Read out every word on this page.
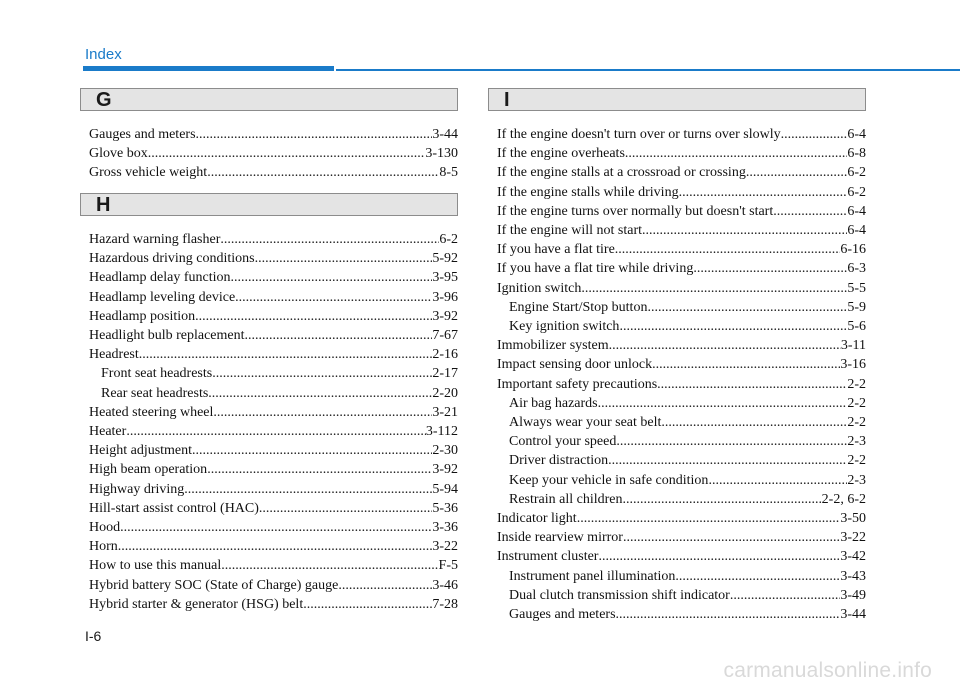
Index
G
Gauges and meters .....	3-44
Glove box .....	3-130
Gross vehicle weight .....	8-5
H
Hazard warning flasher .....	6-2
Hazardous driving conditions .....	5-92
Headlamp delay function .....	3-95
Headlamp leveling device .....	3-96
Headlamp position .....	3-92
Headlight bulb replacement .....	7-67
Headrest .....	2-16
Front seat headrests .....	2-17
Rear seat headrests .....	2-20
Heated steering wheel .....	3-21
Heater .....	3-112
Height adjustment .....	2-30
High beam operation .....	3-92
Highway driving .....	5-94
Hill-start assist control (HAC) .....	5-36
Hood .....	3-36
Horn .....	3-22
How to use this manual .....	F-5
Hybrid battery SOC (State of Charge) gauge .....	3-46
Hybrid starter & generator (HSG) belt .....	7-28
I
If the engine doesn't turn over or turns over slowly .....	6-4
If the engine overheats .....	6-8
If the engine stalls at a crossroad or crossing .....	6-2
If the engine stalls while driving .....	6-2
If the engine turns over normally but doesn't start .....	6-4
If the engine will not start .....	6-4
If you have a flat tire .....	6-16
If you have a flat tire while driving .....	6-3
Ignition switch .....	5-5
Engine Start/Stop button .....	5-9
Key ignition switch .....	5-6
Immobilizer system .....	3-11
Impact sensing door unlock .....	3-16
Important safety precautions .....	2-2
Air bag hazards .....	2-2
Always wear your seat belt .....	2-2
Control your speed .....	2-3
Driver distraction .....	2-2
Keep your vehicle in safe condition .....	2-3
Restrain all children .....	2-2, 6-2
Indicator light .....	3-50
Inside rearview mirror .....	3-22
Instrument cluster .....	3-42
Instrument panel illumination .....	3-43
Dual clutch transmission shift indicator .....	3-49
Gauges and meters .....	3-44
I-6
carmanualsonline.info
